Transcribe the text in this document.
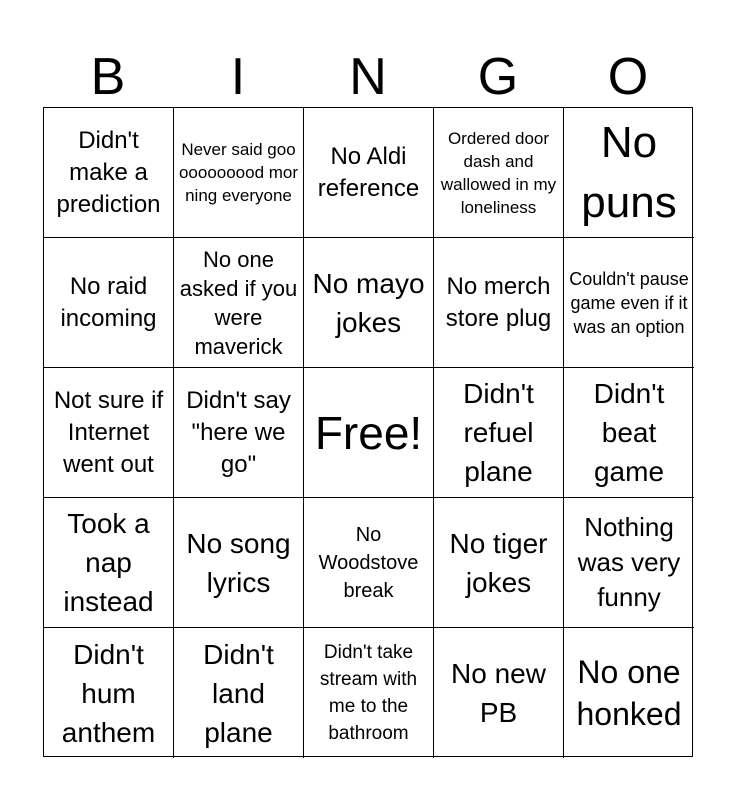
B	I	N	G	O
Didn't make a prediction
Never said gooooooooood morning everyone
No Aldi reference
Ordered door dash and wallowed in my loneliness
No puns
No raid incoming
No one asked if you were maverick
No mayo jokes
No merch store plug
Couldn't pause game even if it was an option
Not sure if Internet went out
Didn't say "here we go"
Free!
Didn't refuel plane
Didn't beat game
Took a nap instead
No song lyrics
No Woodstove break
No tiger jokes
Nothing was very funny
Didn't hum anthem
Didn't land plane
Didn't take stream with me to the bathroom
No new PB
No one honked
